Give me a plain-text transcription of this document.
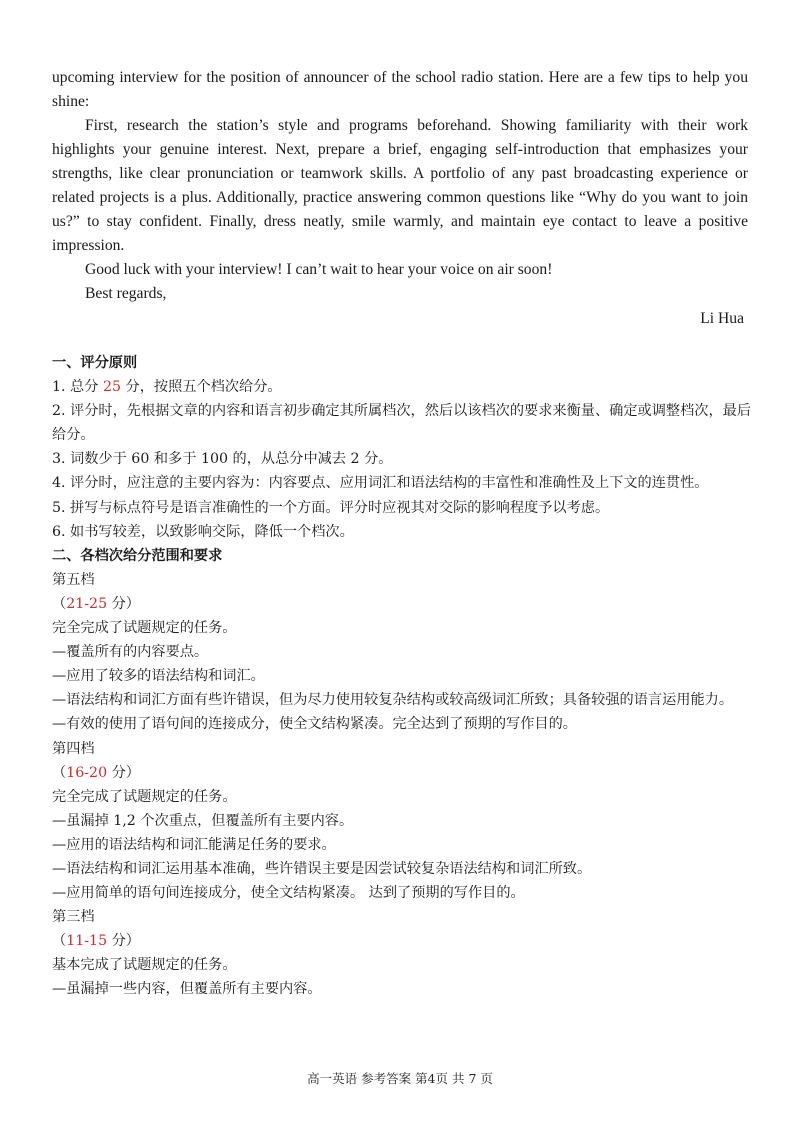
upcoming interview for the position of announcer of the school radio station. Here are a few tips to help you shine:

First, research the station’s style and programs beforehand. Showing familiarity with their work highlights your genuine interest. Next, prepare a brief, engaging self-introduction that emphasizes your strengths, like clear pronunciation or teamwork skills. A portfolio of any past broadcasting experience or related projects is a plus. Additionally, practice answering common questions like “Why do you want to join us?” to stay confident. Finally, dress neatly, smile warmly, and maintain eye contact to leave a positive impression.

Good luck with your interview! I can’t wait to hear your voice on air soon!

Best regards,

Li Hua
一、评分原则
1. 总分 25 分，按照五个档次给分。
2. 评分时，先根据文章的内容和语言初步确定其所属档次，然后以该档次的要求来衡量、确定或调整档次，最后给分。
3. 词数少于 60 和多于 100 的，从总分中减去 2 分。
4. 评分时，应注意的主要内容为：内容要点、应用词汇和语法结构的丰富性和准确性及上下文的连贯性。
5. 拼写与标点符号是语言准确性的一个方面。评分时应视其对交际的影响程度予以考虑。
6. 如书写较差，以致影响交际，降低一个档次。
二、各档次给分范围和要求
第五档
（21-25 分）
完全完成了试题规定的任务。
—覆盖所有的内容要点。
—应用了较多的语法结构和词汇。
—语法结构和词汇方面有些许错误，但为尽力使用较复杂结构或较高级词汇所致；具备较强的语言运用能力。
—有效的使用了语句间的连接成分，使全文结构紧凑。完全达到了预期的写作目的。
第四档
（16-20 分）
完全完成了试题规定的任务。
—虽漏掉 1,2 个次重点，但覆盖所有主要内容。
—应用的语法结构和词汇能满足任务的要求。
—语法结构和词汇运用基本准确，些许错误主要是因尝试较复杂语法结构和词汇所致。
—应用简单的语句间连接成分，使全文结构紧凑。 达到了预期的写作目的。
第三档
（11-15 分）
基本完成了试题规定的任务。
—虽漏掉一些内容，但覆盖所有主要内容。
高一英语 参考答案 第4页 共 7 页
